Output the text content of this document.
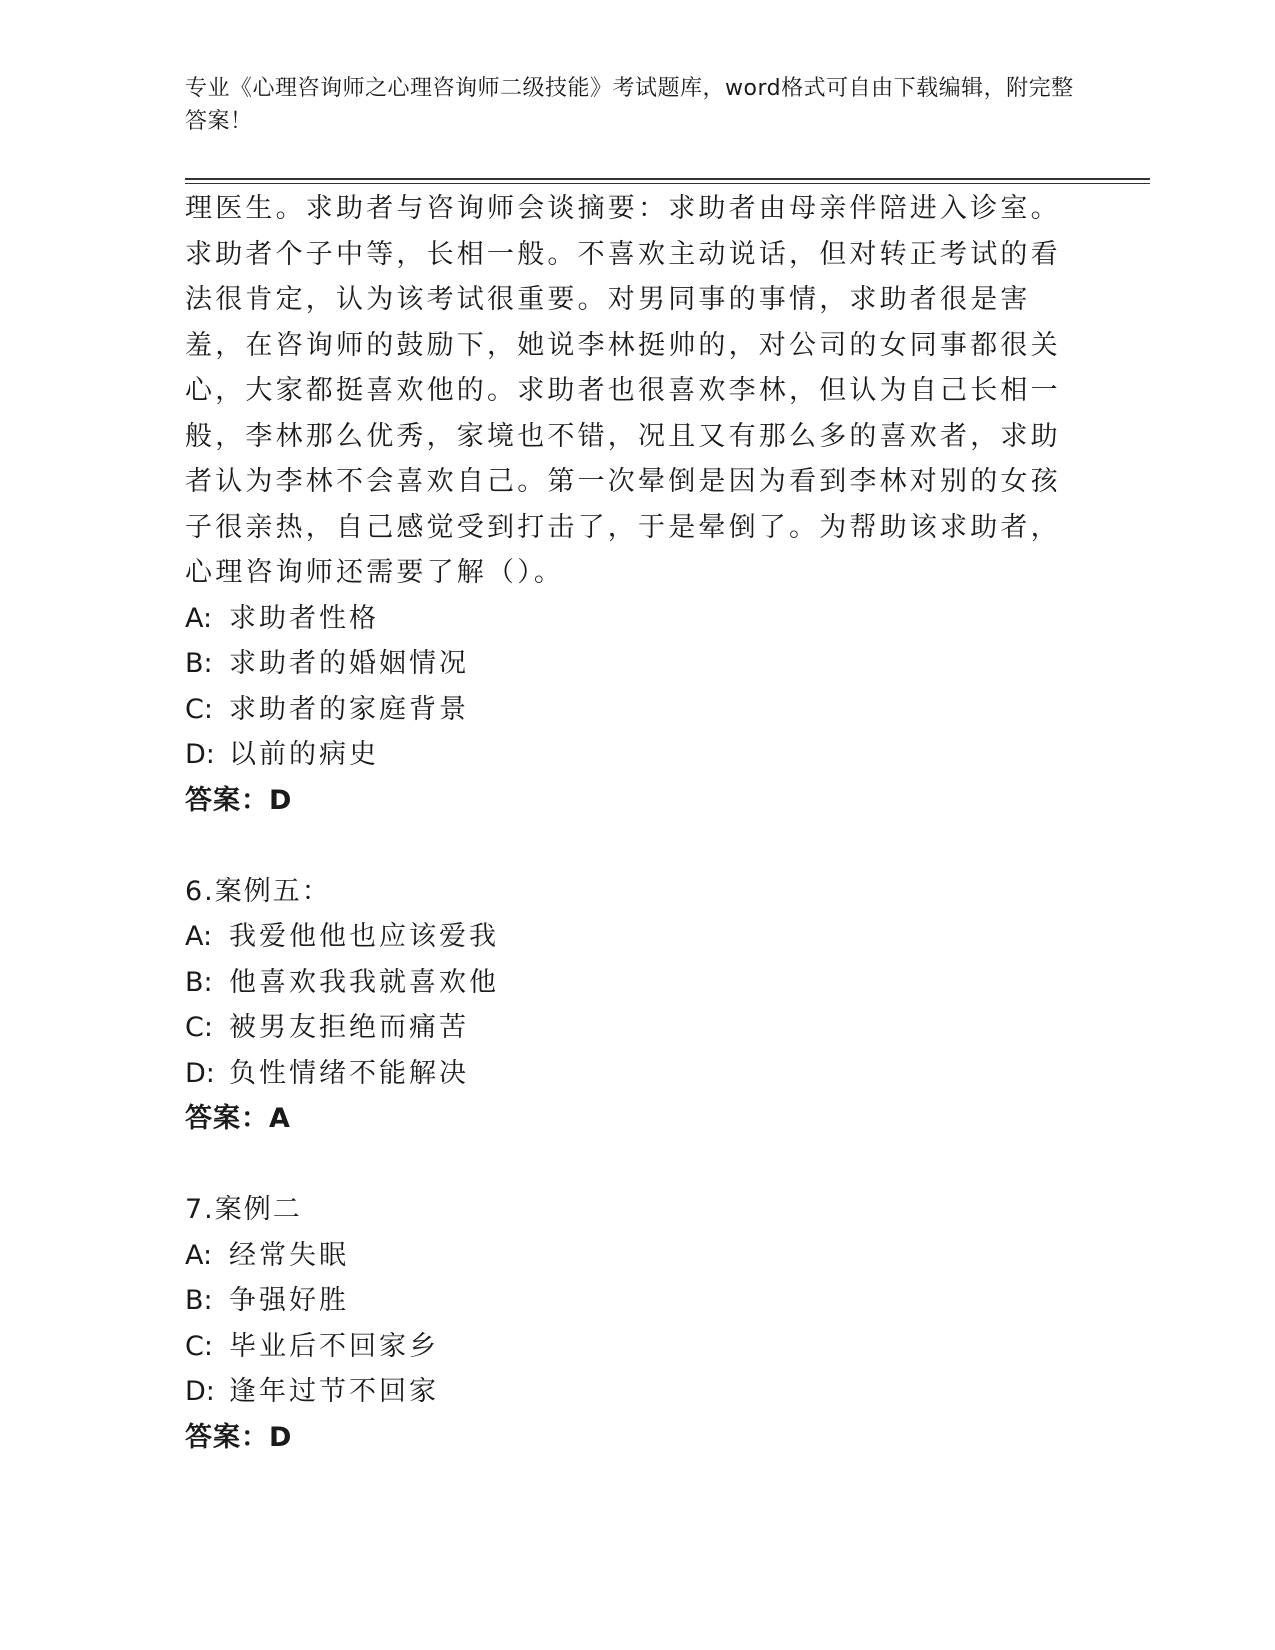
专业《心理咨询师之心理咨询师二级技能》考试题库，word格式可自由下载编辑，附完整答案！

理医生。求助者与咨询师会谈摘要：求助者由母亲伴陪进入诊室。求助者个子中等，长相一般。不喜欢主动说话，但对转正考试的看法很肯定，认为该考试很重要。对男同事的事情，求助者很是害羞，在咨询师的鼓励下，她说李林挺帅的，对公司的女同事都很关心，大家都挺喜欢他的。求助者也很喜欢李林，但认为自己长相一般，李林那么优秀，家境也不错，况且又有那么多的喜欢者，求助者认为李林不会喜欢自己。第一次晕倒是因为看到李林对别的女孩子很亲热，自己感觉受到打击了，于是晕倒了。为帮助该求助者，心理咨询师还需要了解（）。

A: 求助者性格
B: 求助者的婚姻情况
C: 求助者的家庭背景
D: 以前的病史
答案：D
6.案例五：
A: 我爱他他也应该爱我
B: 他喜欢我我就喜欢他
C: 被男友拒绝而痛苦
D: 负性情绪不能解决
答案：A
7.案例二
A: 经常失眠
B: 争强好胜
C: 毕业后不回家乡
D: 逢年过节不回家
答案：D
